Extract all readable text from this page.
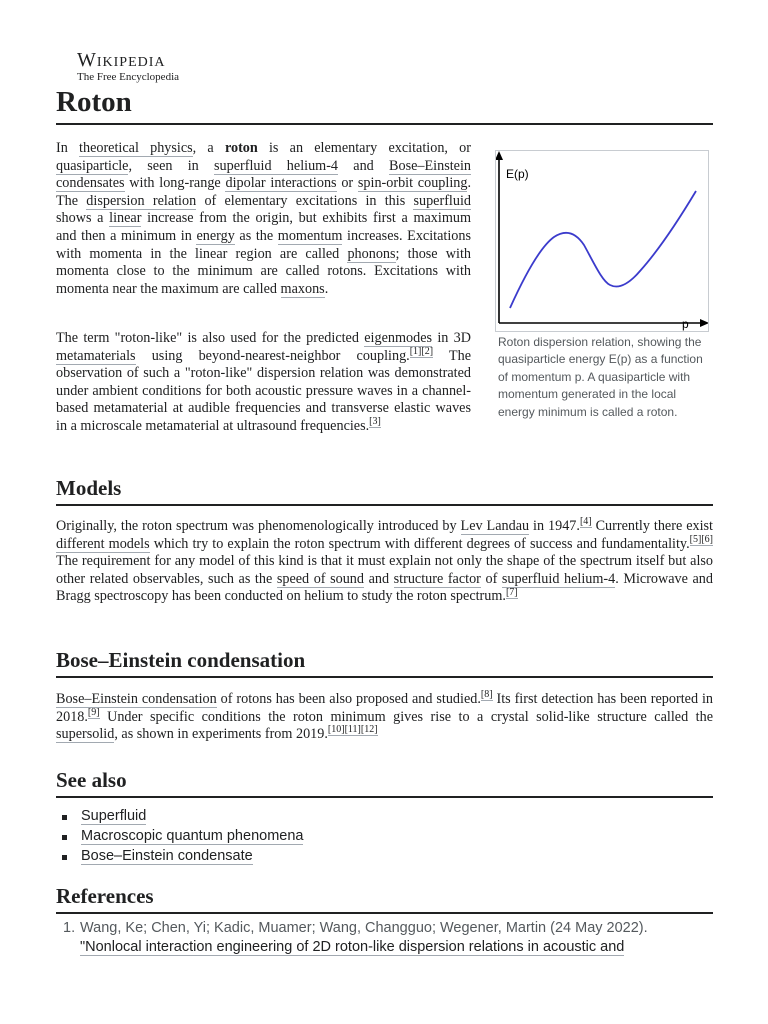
Wikipedia
The Free Encyclopedia
Roton

In theoretical physics, a roton is an elementary excitation, or quasiparticle, seen in superfluid helium-4 and Bose–Einstein condensates with long-range dipolar interactions or spin-orbit coupling. The dispersion relation of elementary excitations in this superfluid shows a linear increase from the origin, but exhibits first a maximum and then a minimum in energy as the momentum increases. Excitations with momenta in the linear region are called phonons; those with momenta close to the minimum are called rotons. Excitations with momenta near the maximum are called maxons.

The term "roton-like" is also used for the predicted eigenmodes in 3D metamaterials using beyond-nearest-neighbor coupling.[1][2] The observation of such a "roton-like" dispersion relation was demonstrated under ambient conditions for both acoustic pressure waves in a channel-based metamaterial at audible frequencies and transverse elastic waves in a microscale metamaterial at ultrasound frequencies.[3]

E(p)
p
Roton dispersion relation, showing the quasiparticle energy E(p) as a function of momentum p. A quasiparticle with momentum generated in the local energy minimum is called a roton.
Models

Originally, the roton spectrum was phenomenologically introduced by Lev Landau in 1947.[4] Currently there exist different models which try to explain the roton spectrum with different degrees of success and fundamentality.[5][6] The requirement for any model of this kind is that it must explain not only the shape of the spectrum itself but also other related observables, such as the speed of sound and structure factor of superfluid helium-4. Microwave and Bragg spectroscopy has been conducted on helium to study the roton spectrum.[7]

Bose–Einstein condensation

Bose–Einstein condensation of rotons has been also proposed and studied.[8] Its first detection has been reported in 2018.[9] Under specific conditions the roton minimum gives rise to a crystal solid-like structure called the supersolid, as shown in experiments from 2019.[10][11][12]

See also
Superfluid
Macroscopic quantum phenomena
Bose–Einstein condensate
References
1. Wang, Ke; Chen, Yi; Kadic, Muamer; Wang, Changguo; Wegener, Martin (24 May 2022).
"Nonlocal interaction engineering of 2D roton-like dispersion relations in acoustic and
